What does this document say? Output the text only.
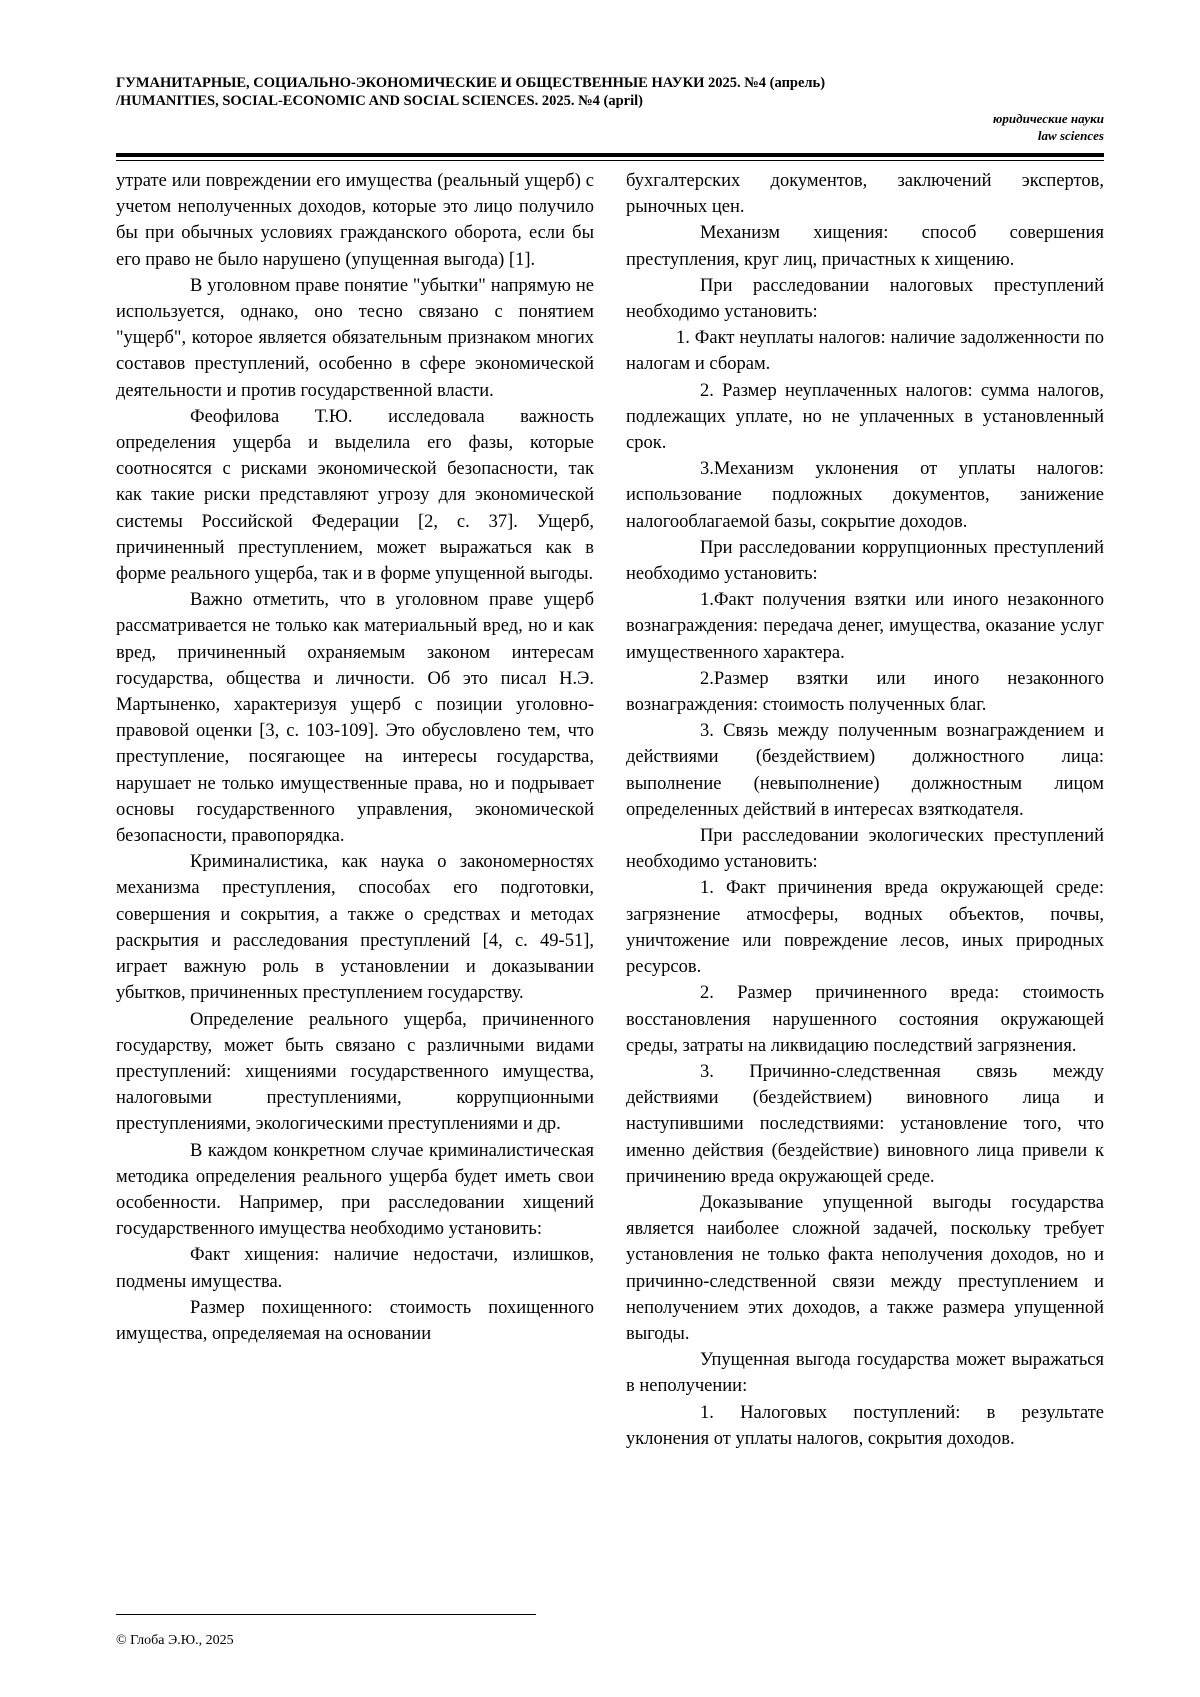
ГУМАНИТАРНЫЕ, СОЦИАЛЬНО-ЭКОНОМИЧЕСКИЕ И ОБЩЕСТВЕННЫЕ НАУКИ 2025. №4 (апрель)
/HUMANITIES, SOCIAL-ECONOMIC AND SOCIAL SCIENCES. 2025. №4 (april)
юридические науки
law sciences

утрате или повреждении его имущества (реальный ущерб) с учетом неполученных доходов, которые это лицо получило бы при обычных условиях гражданского оборота, если бы его право не было нарушено (упущенная выгода) [1].

В уголовном праве понятие "убытки" напрямую не используется, однако, оно тесно связано с понятием "ущерб", которое является обязательным признаком многих составов преступлений, особенно в сфере экономической деятельности и против государственной власти.

Феофилова Т.Ю. исследовала важность определения ущерба и выделила его фазы, которые соотносятся с рисками экономической безопасности, так как такие риски представляют угрозу для экономической системы Российской Федерации [2, с. 37]. Ущерб, причиненный преступлением, может выражаться как в форме реального ущерба, так и в форме упущенной выгоды.

Важно отметить, что в уголовном праве ущерб рассматривается не только как материальный вред, но и как вред, причиненный охраняемым законом интересам государства, общества и личности. Об это писал Н.Э. Мартыненко, характеризуя ущерб с позиции уголовно-правовой оценки [3, с. 103-109]. Это обусловлено тем, что преступление, посягающее на интересы государства, нарушает не только имущественные права, но и подрывает основы государственного управления, экономической безопасности, правопорядка.

Криминалистика, как наука о закономерностях механизма преступления, способах его подготовки, совершения и сокрытия, а также о средствах и методах раскрытия и расследования преступлений [4, с. 49-51], играет важную роль в установлении и доказывании убытков, причиненных преступлением государству.

Определение реального ущерба, причиненного государству, может быть связано с различными видами преступлений: хищениями государственного имущества, налоговыми преступлениями, коррупционными преступлениями, экологическими преступлениями и др.

В каждом конкретном случае криминалистическая методика определения реального ущерба будет иметь свои особенности. Например, при расследовании хищений государственного имущества необходимо установить:

Факт хищения: наличие недостачи, излишков, подмены имущества.

Размер похищенного: стоимость похищенного имущества, определяемая на основании

бухгалтерских документов, заключений экспертов, рыночных цен.

Механизм хищения: способ совершения преступления, круг лиц, причастных к хищению.

При расследовании налоговых преступлений необходимо установить:

1. Факт неуплаты налогов: наличие задолженности по налогам и сборам.

2. Размер неуплаченных налогов: сумма налогов, подлежащих уплате, но не уплаченных в установленный срок.

3.Механизм уклонения от уплаты налогов: использование подложных документов, занижение налогооблагаемой базы, сокрытие доходов.

При расследовании коррупционных преступлений необходимо установить:

1.Факт получения взятки или иного незаконного вознаграждения: передача денег, имущества, оказание услуг имущественного характера.

2.Размер взятки или иного незаконного вознаграждения: стоимость полученных благ.

3. Связь между полученным вознаграждением и действиями (бездействием) должностного лица: выполнение (невыполнение) должностным лицом определенных действий в интересах взяткодателя.

При расследовании экологических преступлений необходимо установить:

1. Факт причинения вреда окружающей среде: загрязнение атмосферы, водных объектов, почвы, уничтожение или повреждение лесов, иных природных ресурсов.

2. Размер причиненного вреда: стоимость восстановления нарушенного состояния окружающей среды, затраты на ликвидацию последствий загрязнения.

3. Причинно-следственная связь между действиями (бездействием) виновного лица и наступившими последствиями: установление того, что именно действия (бездействие) виновного лица привели к причинению вреда окружающей среде.

Доказывание упущенной выгоды государства является наиболее сложной задачей, поскольку требует установления не только факта неполучения доходов, но и причинно-следственной связи между преступлением и неполучением этих доходов, а также размера упущенной выгоды.

Упущенная выгода государства может выражаться в неполучении:

1. Налоговых поступлений: в результате уклонения от уплаты налогов, сокрытия доходов.

© Глоба Э.Ю., 2025
